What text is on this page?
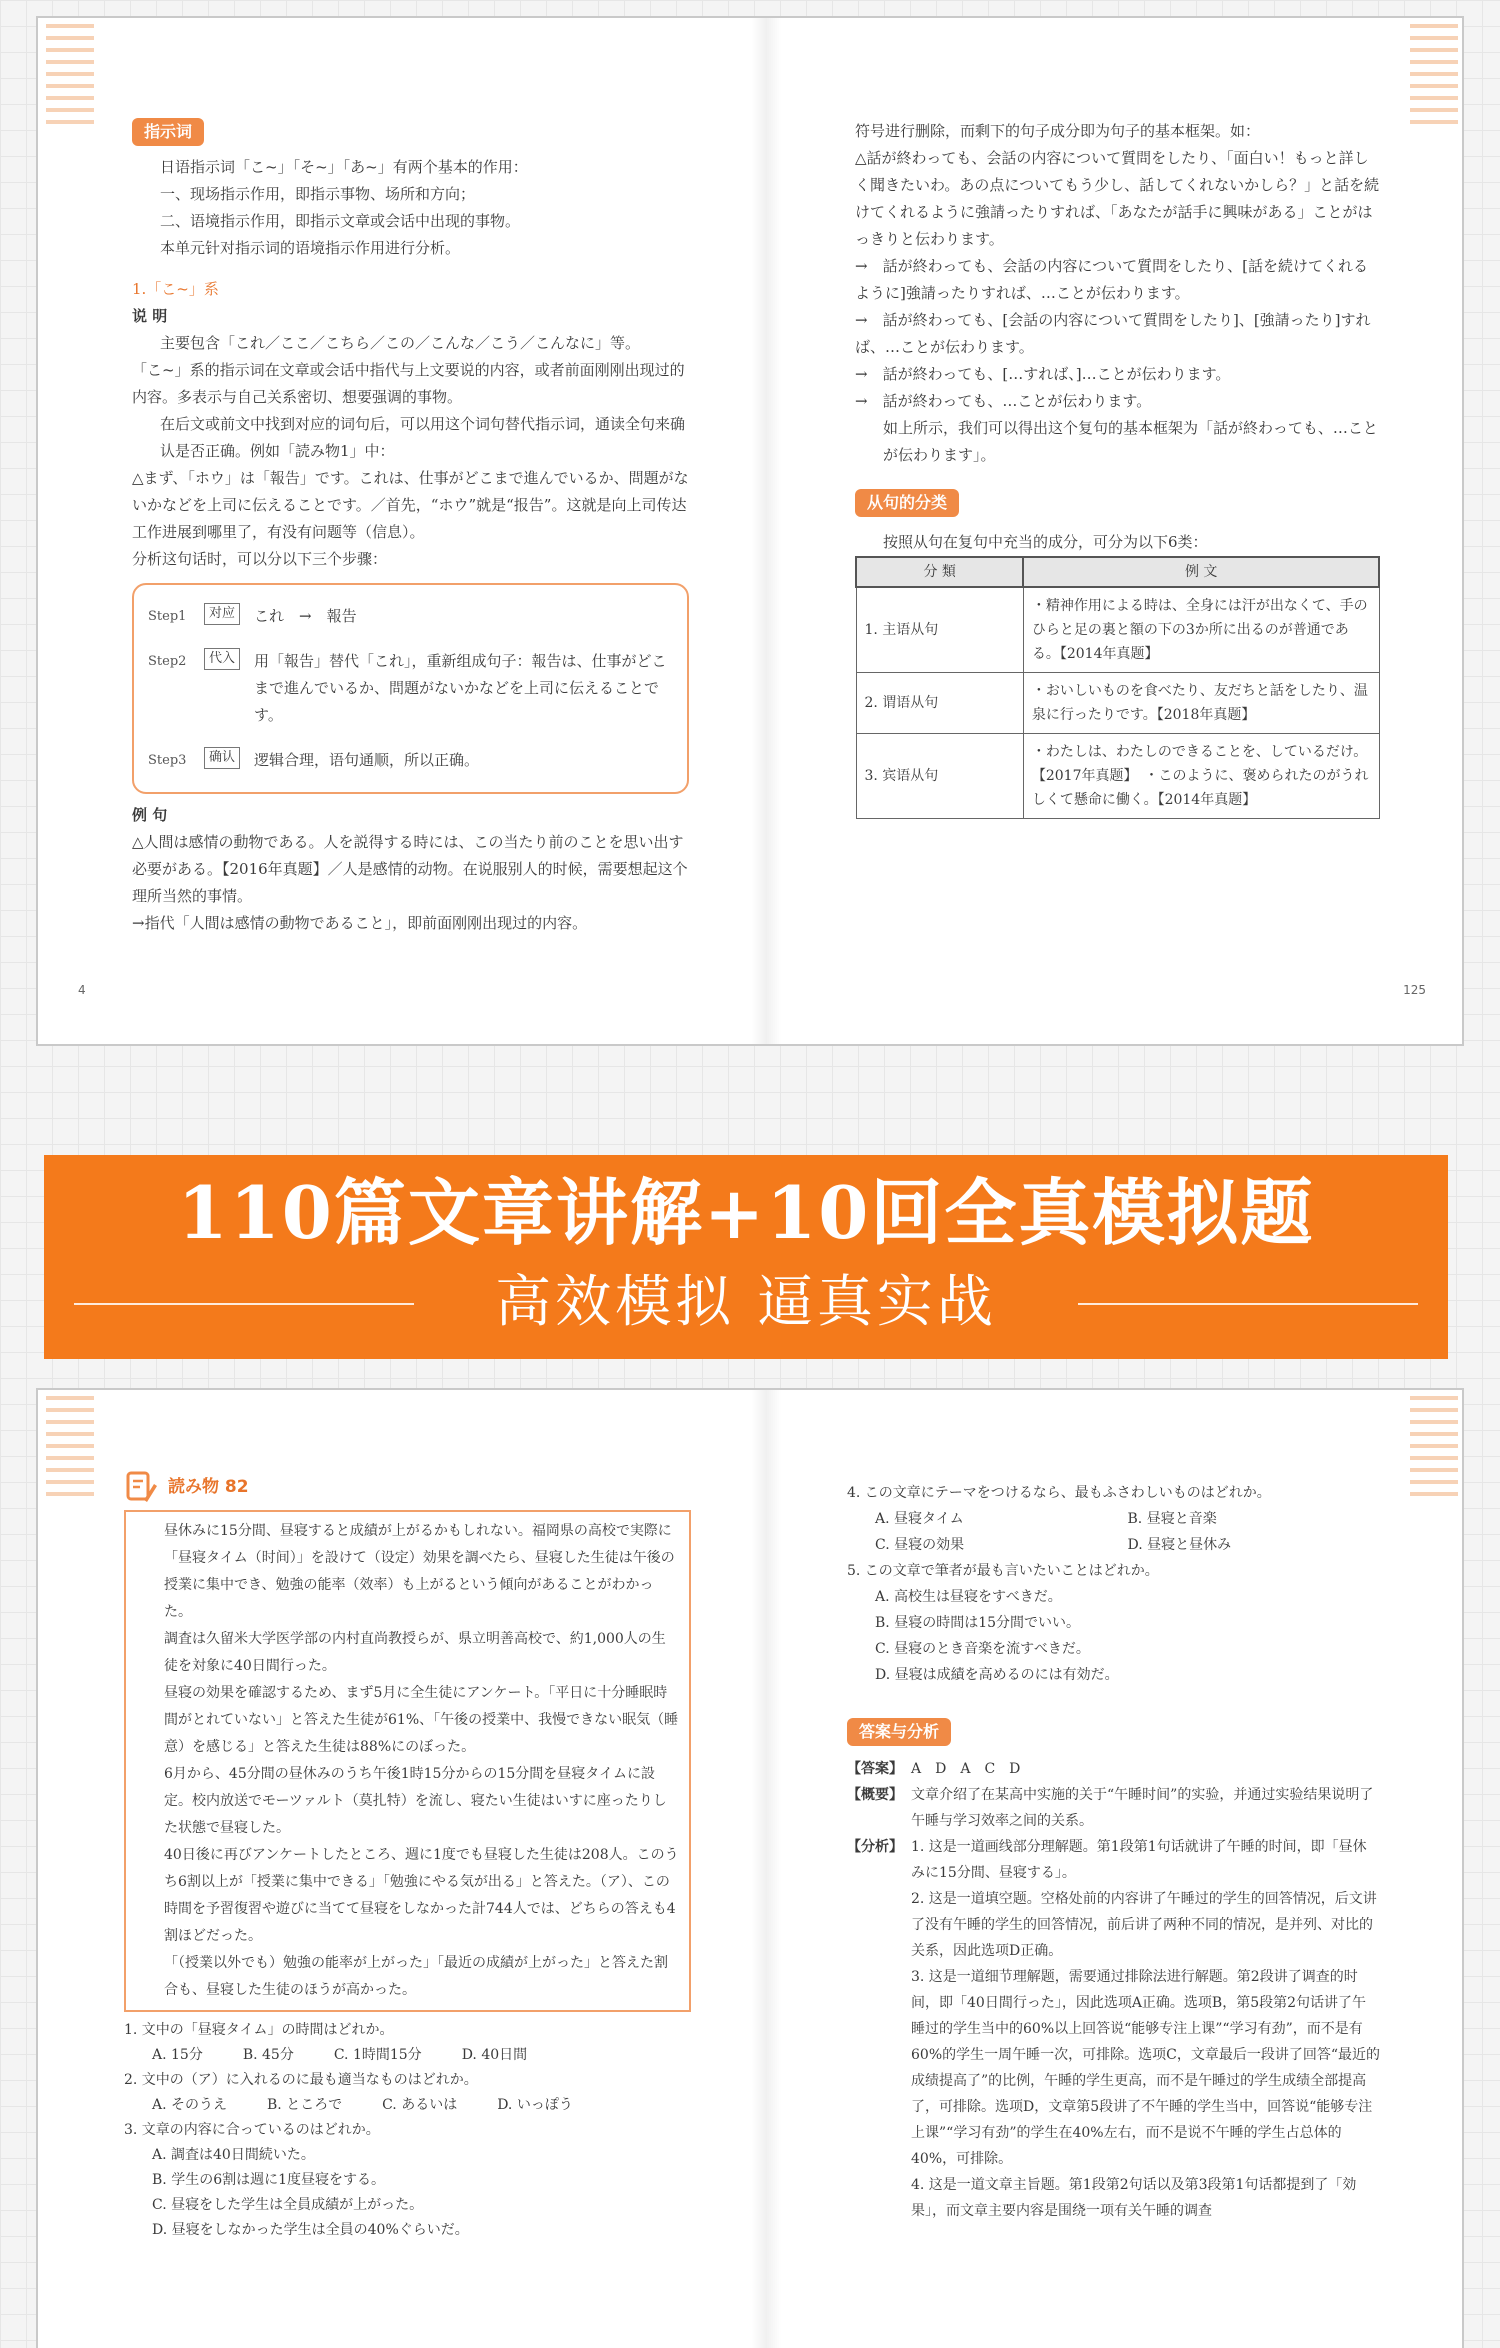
指示词

日语指示词「こ~」「そ~」「あ~」有两个基本的作用：

一、现场指示作用，即指示事物、场所和方向；

二、语境指示作用，即指示文章或会话中出现的事物。

本单元针对指示词的语境指示作用进行分析。

1.「こ~」系

说 明

主要包含「これ／ここ／こちら／この／こんな／こう／こんなに」等。

「こ~」系的指示词在文章或会话中指代与上文要说的内容，或者前面刚刚出现过的内容。多表示与自己关系密切、想要强调的事物。

在后文或前文中找到对应的词句后，可以用这个词句替代指示词，通读全句来确认是否正确。例如「読み物1」中：

△まず、「ホウ」は「報告」です。これは、仕事がどこまで進んでいるか、問題がないかなどを上司に伝えることです。／首先，“ホウ”就是“报告”。这就是向上司传达工作进展到哪里了，有没有问题等（信息）。

分析这句话时，可以分以下三个步骤：

Step1	对应	これ　→　報告
Step2	代入	用「報告」替代「これ」，重新组成句子：報告は、仕事がどこまで進んでいるか、問題がないかなどを上司に伝えることです。
Step3	确认	逻辑合理，语句通顺，所以正确。

例 句

△人間は感情の動物である。人を説得する時には、この当たり前のことを思い出す必要がある。【2016年真题】／人是感情的动物。在说服别人的时候，需要想起这个理所当然的事情。

→指代「人間は感情の動物であること」，即前面刚刚出现过的内容。

4

符号进行删除，而剩下的句子成分即为句子的基本框架。如：

△話が終わっても、会話の内容について質問をしたり、「面白い！もっと詳しく聞きたいわ。あの点についてもう少し、話してくれないかしら？」と話を続けてくれるように強請ったりすれば、「あなたが話手に興味がある」ことがはっきりと伝わります。

→　話が終わっても、会話の内容について質問をしたり、[話を続けてくれるように]強請ったりすれば、…ことが伝わります。

→　話が終わっても、[会話の内容について質問をしたり]、[強請ったり]すれば、…ことが伝わります。

→　話が終わっても、[…すれば、]…ことが伝わります。

→　話が終わっても、…ことが伝わります。

如上所示，我们可以得出这个复句的基本框架为「話が終わっても、…ことが伝わります」。

从句的分类

按照从句在复句中充当的成分，可分为以下6类：

分 類	例 文
1. 主语从句	・精神作用による時は、全身には汗が出なくて、手のひらと足の裏と額の下の3か所に出るのが普通である。【2014年真题】
2. 谓语从句	・おいしいものを食べたり、友だちと話をしたり、温泉に行ったりです。【2018年真题】
3. 宾语从句	・わたしは、わたしのできることを、しているだけ。【2017年真题】　・このように、褒められたのがうれしくて懸命に働く。【2014年真题】
125
110篇文章讲解+10回全真模拟题
高效模拟 逼真实战
読み物 82

昼休みに15分間、昼寝すると成績が上がるかもしれない。福岡県の高校で実際に「昼寝タイム（时间）」を設けて（设定）効果を調べたら、昼寝した生徒は午後の授業に集中でき、勉強の能率（效率）も上がるという傾向があることがわかった。

調査は久留米大学医学部の内村直尚教授らが、県立明善高校で、約1,000人の生徒を対象に40日間行った。

昼寝の効果を確認するため、まず5月に全生徒にアンケート。「平日に十分睡眠時間がとれていない」と答えた生徒が61%、「午後の授業中、我慢できない眠気（睡意）を感じる」と答えた生徒は88%にのぼった。

6月から、45分間の昼休みのうち午後1時15分からの15分間を昼寝タイムに設定。校内放送でモーツァルト（莫扎特）を流し、寝たい生徒はいすに座ったりした状態で昼寝した。

40日後に再びアンケートしたところ、週に1度でも昼寝した生徒は208人。このうち6割以上が「授業に集中できる」「勉強にやる気が出る」と答えた。（ア）、この時間を予習復習や遊びに当てて昼寝をしなかった計744人では、どちらの答えも4割ほどだった。

「（授業以外でも）勉強の能率が上がった」「最近の成績が上がった」と答えた割合も、昼寝した生徒のほうが高かった。

1. 文中の「昼寝タイム」の時間はどれか。

A. 15分	B. 45分	C. 1時間15分	D. 40日間

2. 文中の（ア）に入れるのに最も適当なものはどれか。

A. そのうえ	B. ところで	C. あるいは	D. いっぽう

3. 文章の内容に合っているのはどれか。

A. 調査は40日間続いた。

B. 学生の6割は週に1度昼寝をする。

C. 昼寝をした学生は全員成績が上がった。

D. 昼寝をしなかった学生は全員の40%ぐらいだ。

4. この文章にテーマをつけるなら、最もふさわしいものはどれか。

A. 昼寝タイム	B. 昼寝と音楽
C. 昼寝の効果	D. 昼寝と昼休み

5. この文章で筆者が最も言いたいことはどれか。

A. 高校生は昼寝をすべきだ。

B. 昼寝の時間は15分間でいい。

C. 昼寝のとき音楽を流すべきだ。

D. 昼寝は成績を高めるのには有効だ。

答案与分析
【答案】 A　D　A　C　D
【概要】 文章介绍了在某高中实施的关于“午睡时间”的实验，并通过实验结果说明了午睡与学习效率之间的关系。
【分析】 1. 这是一道画线部分理解题。第1段第1句话就讲了午睡的时间，即「昼休みに15分間、昼寝する」。

2. 这是一道填空题。空格处前的内容讲了午睡过的学生的回答情况，后文讲了没有午睡的学生的回答情况，前后讲了两种不同的情况，是并列、对比的关系，因此选项D正确。

3. 这是一道细节理解题，需要通过排除法进行解题。第2段讲了调查的时间，即「40日間行った」，因此选项A正确。选项B，第5段第2句话讲了午睡过的学生当中的60%以上回答说“能够专注上课”“学习有劲”，而不是有60%的学生一周午睡一次，可排除。选项C，文章最后一段讲了回答“最近的成绩提高了”的比例，午睡的学生更高，而不是午睡过的学生成绩全部提高了，可排除。选项D，文章第5段讲了不午睡的学生当中，回答说“能够专注上课”“学习有劲”的学生在40%左右，而不是说不午睡的学生占总体的40%，可排除。

4. 这是一道文章主旨题。第1段第2句话以及第3段第1句话都提到了「効果」，而文章主要内容是围绕一项有关午睡的调查
